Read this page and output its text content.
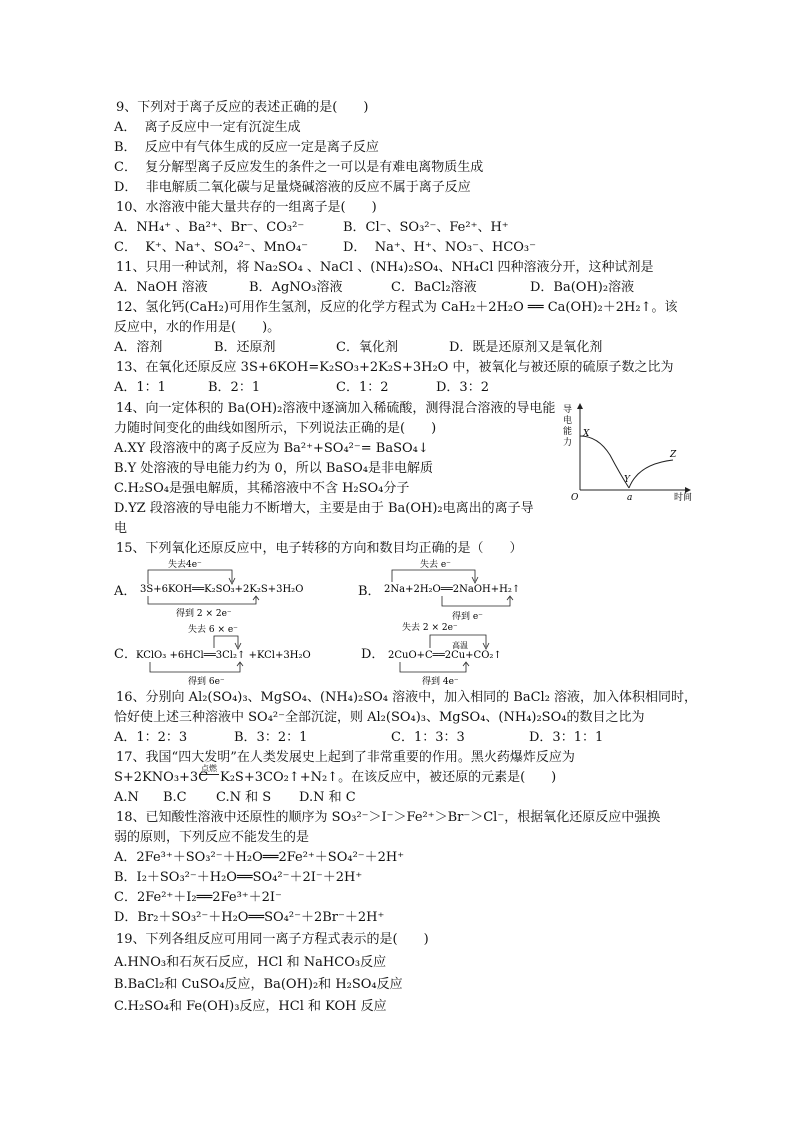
9、下列对于离子反应的表述正确的是(　　)
A．  离子反应中一定有沉淀生成
B．  反应中有气体生成的反应一定是离子反应
C．  复分解型离子反应发生的条件之一可以是有难电离物质生成
D．  非电解质二氧化碳与足量烧碱溶液的反应不属于离子反应
10、水溶液中能大量共存的一组离子是(　　)
A．NH₄⁺ 、Ba²⁺、Br⁻、CO₃²⁻	B．Cl⁻、SO₃²⁻、Fe²⁺、H⁺
C．  K⁺、Na⁺、SO₄²⁻、MnO₄⁻	D．  Na⁺、H⁺、NO₃⁻、HCO₃⁻
11、只用一种试剂，将 Na₂SO₄ 、NaCl 、(NH₄)₂SO₄、NH₄Cl 四种溶液分开，这种试剂是
A．NaOH 溶液	B．AgNO₃溶液	C．BaCl₂溶液	D．Ba(OH)₂溶液
12、氢化钙(CaH₂)可用作生氢剂，反应的化学方程式为 CaH₂＋2H₂O ══ Ca(OH)₂＋2H₂↑。该
反应中，水的作用是(　　)。
A．溶剂	B．还原剂	C．氧化剂	D．既是还原剂又是氧化剂
13、在氧化还原反应 3S+6KOH=K₂SO₃+2K₂S+3H₂O 中，被氧化与被还原的硫原子数之比为
A．1：1	B．2：1	C．1：2	D．3：2
14、向一定体积的 Ba(OH)₂溶液中逐滴加入稀硫酸，测得混合溶液的导电能
力随时间变化的曲线如图所示，下列说法正确的是(　　)
A.XY 段溶液中的离子反应为 Ba²⁺+SO₄²⁻= BaSO₄↓
B.Y 处溶液的导电能力约为 0，所以 BaSO₄是非电解质
C.H₂SO₄是强电解质，其稀溶液中不含 H₂SO₄分子
D.YZ 段溶液的导电能力不断增大，主要是由于 Ba(OH)₂电离出的离子导
电
导
电
能
力
X
Y
Z
O	a	时间
15、下列氧化还原反应中，电子转移的方向和数目均正确的是（　　）
A．
失去4e⁻
3S+6KOH══K₂SO₃+2K₂S+3H₂O
得到 2 × 2e⁻
B．
失去 e⁻
2Na+2H₂O══2NaOH+H₂↑
得到 e⁻
C．
失去 6 × e⁻
KClO₃ +6HCl══3Cl₂↑ +KCl+3H₂O
得到 6e⁻
D．
失去 2 × 2e⁻
高温
2CuO+C══2Cu+CO₂↑
得到 4e⁻
16、分别向 Al₂(SO₄)₃、MgSO₄、(NH₄)₂SO₄ 溶液中，加入相同的 BaCl₂ 溶液，加入体积相同时，
恰好使上述三种溶液中 SO₄²⁻全部沉淀，则 Al₂(SO₄)₃、MgSO₄、(NH₄)₂SO₄的数目之比为
A．1：2：3	B．3：2：1	C．1：3：3	D．3：1：1
17、我国“四大发明”在人类发展史上起到了非常重要的作用。黑火药爆炸反应为
S+2KNO₃+3C
点燃
K₂S+3CO₂↑+N₂↑。在该反应中，被还原的元素是(　　)
A.N B.C C.N 和 S D.N 和 C
18、已知酸性溶液中还原性的顺序为 SO₃²⁻＞I⁻＞Fe²⁺＞Br⁻＞Cl⁻，根据氧化还原反应中强换
弱的原则，下列反应不能发生的是
A．2Fe³⁺＋SO₃²⁻＋H₂O══2Fe²⁺＋SO₄²⁻＋2H⁺
B．I₂＋SO₃²⁻＋H₂O══SO₄²⁻＋2I⁻＋2H⁺
C．2Fe²⁺＋I₂══2Fe³⁺＋2I⁻
D．Br₂＋SO₃²⁻＋H₂O══SO₄²⁻＋2Br⁻＋2H⁺
19、下列各组反应可用同一离子方程式表示的是(　　)
A.HNO₃和石灰石反应，HCl 和 NaHCO₃反应
B.BaCl₂和 CuSO₄反应，Ba(OH)₂和 H₂SO₄反应
C.H₂SO₄和 Fe(OH)₃反应，HCl 和 KOH 反应
